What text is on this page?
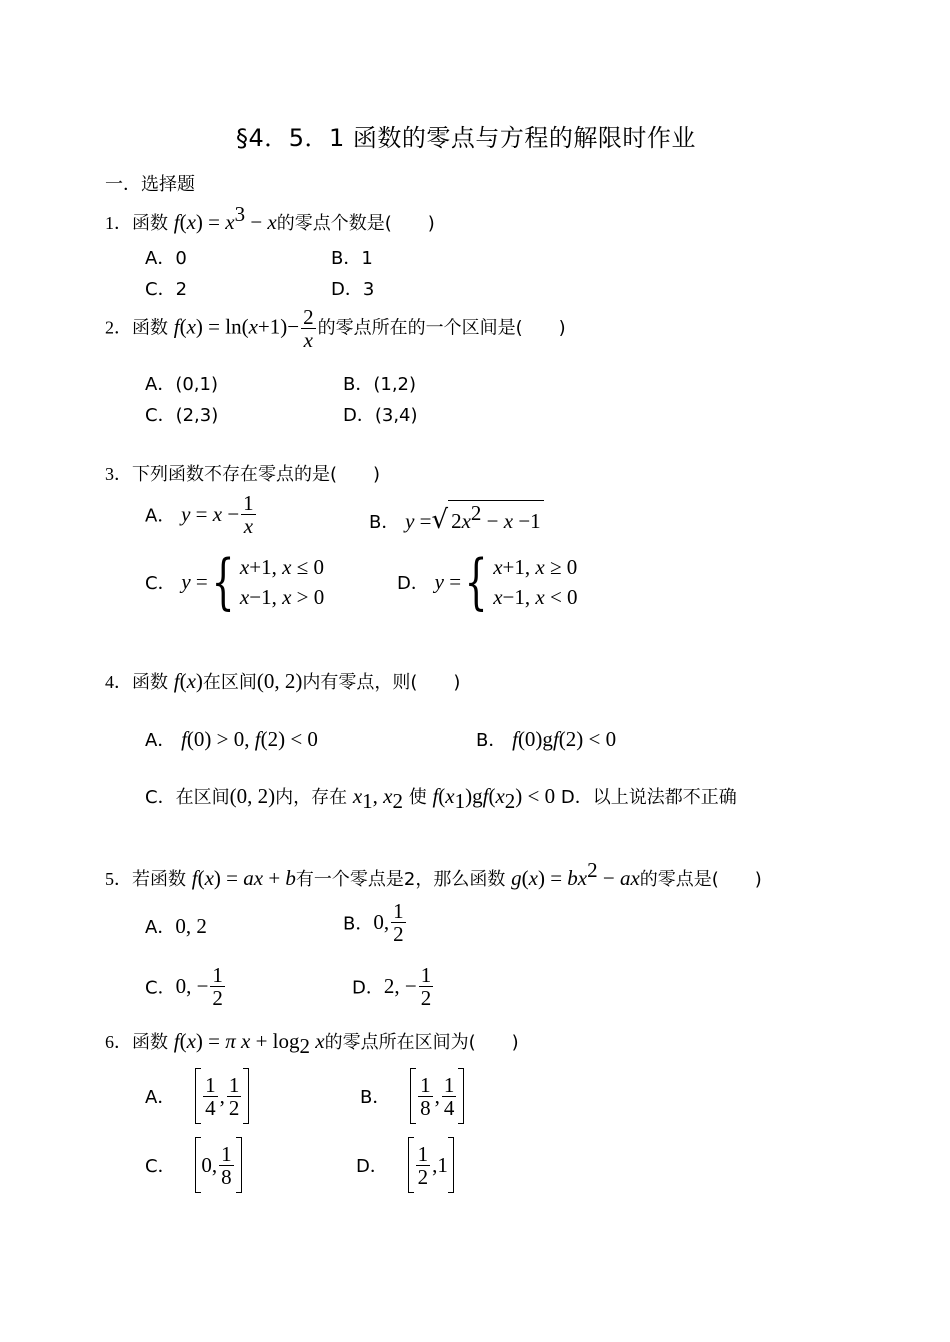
§4．5．1 函数的零点与方程的解限时作业
一．选择题
1．函数 $f(x) = x^3 - x$的零点个数是(　　)
A．0	B．1
C．2	D．3
2．函数 $f(x) = \ln(x+1)- \frac{2}{x}$ 的零点所在的一个区间是(　　)
A．(0,1)	B．(1,2)
C．(2,3)	D．(3,4)
3．下列函数不存在零点的是(　　)
A． $y = x - \frac{1}{x}$	B． y =√ $2x^2 - x -1$
C． y ={ x+1, x ≤ 0
x−1, x > 0
D． y ={ x+1, x ≥ 0
x−1, x < 0
4．函数 f(x)在区间(0, 2)内有零点，则(　　)
A． f(0) > 0, f(2) < 0	B． f(0)gf(2) < 0
C．在区间(0, 2)内，存在 $x_1$, $x_2$ 使 $f(x_1)gf(x_2) < 0$ D．以上说法都不正确
5．若函数 f(x) = ax + b有一个零点是2，那么函数 $g(x) = bx^2$ − ax的零点是(　　)
A．0, 2	B．0, $\frac{1}{2}$
C．0, − $\frac{1}{2}$	D．2, − $\frac{1}{2}$
6．函数 f(x) = π $x + \log_2 x$的零点所在区间为(　　)
A． $\frac{1}{4}$ , $\frac{1}{2}$	B． $\frac{1}{8}$ , $\frac{1}{4}$
C． 0, $\frac{1}{8}$	D． $\frac{1}{2} ,1$
